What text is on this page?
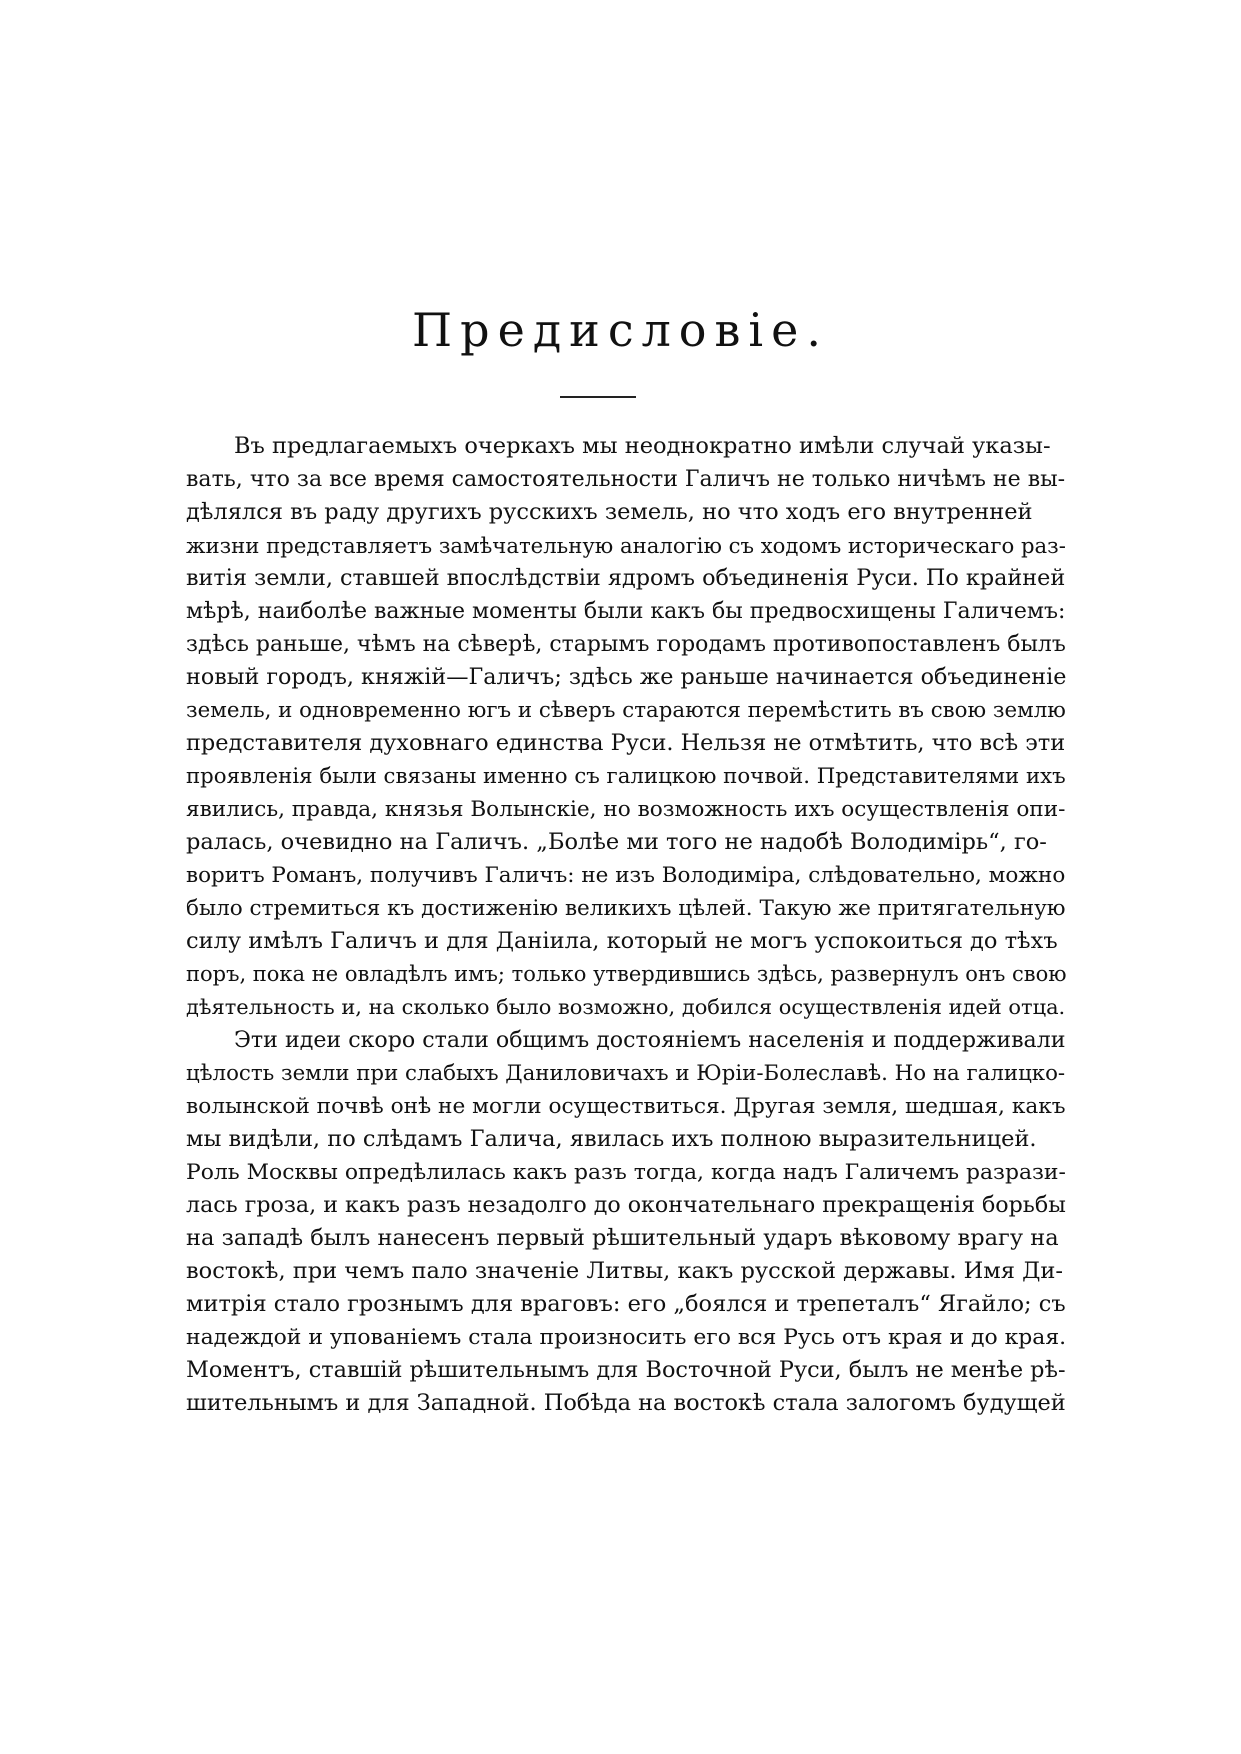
Предисловіе.
Въ предлагаемыхъ очеркахъ мы неоднократно имѣли случай указы-
вать, что за все время самостоятельности Галичъ не только ничѣмъ не вы-
дѣлялся въ раду другихъ русскихъ земель, но что ходъ его внутренней
жизни представляетъ замѣчательную аналогію съ ходомъ историческаго раз-
витія земли, ставшей впослѣдствіи ядромъ объединенія Руси. По крайней
мѣрѣ, наиболѣе важные моменты были какъ бы предвосхищены Галичемъ:
здѣсь раньше, чѣмъ на сѣверѣ, старымъ городамъ противопоставленъ былъ
новый городъ, княжій—Галичъ; здѣсь же раньше начинается объединеніе
земель, и одновременно югъ и сѣверъ стараются перемѣстить въ свою землю
представителя духовнаго единства Руси. Нельзя не отмѣтить, что всѣ эти
проявленія были связаны именно съ галицкою почвой. Представителями ихъ
явились, правда, князья Волынскіе, но возможность ихъ осуществленія опи-
ралась, очевидно на Галичъ. „Болѣе ми того не надобѣ Володимірь“, го-
воритъ Романъ, получивъ Галичъ: не изъ Володиміра, слѣдовательно, можно
было стремиться къ достиженію великихъ цѣлей. Такую же притягательную
силу имѣлъ Галичъ и для Даніила, который не могъ успокоиться до тѣхъ
поръ, пока не овладѣлъ имъ; только утвердившись здѣсь, развернулъ онъ свою
дѣятельность и, на сколько было возможно, добился осуществленія идей отца.
Эти идеи скоро стали общимъ достояніемъ населенія и поддерживали
цѣлость земли при слабыхъ Даниловичахъ и Юріи-Болеславѣ. Но на галицко-
волынской почвѣ онѣ не могли осуществиться. Другая земля, шедшая, какъ
мы видѣли, по слѣдамъ Галича, явилась ихъ полною выразительницей.
Роль Москвы опредѣлилась какъ разъ тогда, когда надъ Галичемъ разрази-
лась гроза, и какъ разъ незадолго до окончательнаго прекращенія борьбы
на западѣ былъ нанесенъ первый рѣшительный ударъ вѣковому врагу на
востокѣ, при чемъ пало значеніе Литвы, какъ русской державы. Имя Ди-
митрія стало грознымъ для враговъ: его „боялся и трепеталъ“ Ягайло; съ
надеждой и упованіемъ стала произносить его вся Русь отъ края и до края.
Моментъ, ставшій рѣшительнымъ для Восточной Руси, былъ не менѣе рѣ-
шительнымъ и для Западной. Побѣда на востокѣ стала залогомъ будущей
